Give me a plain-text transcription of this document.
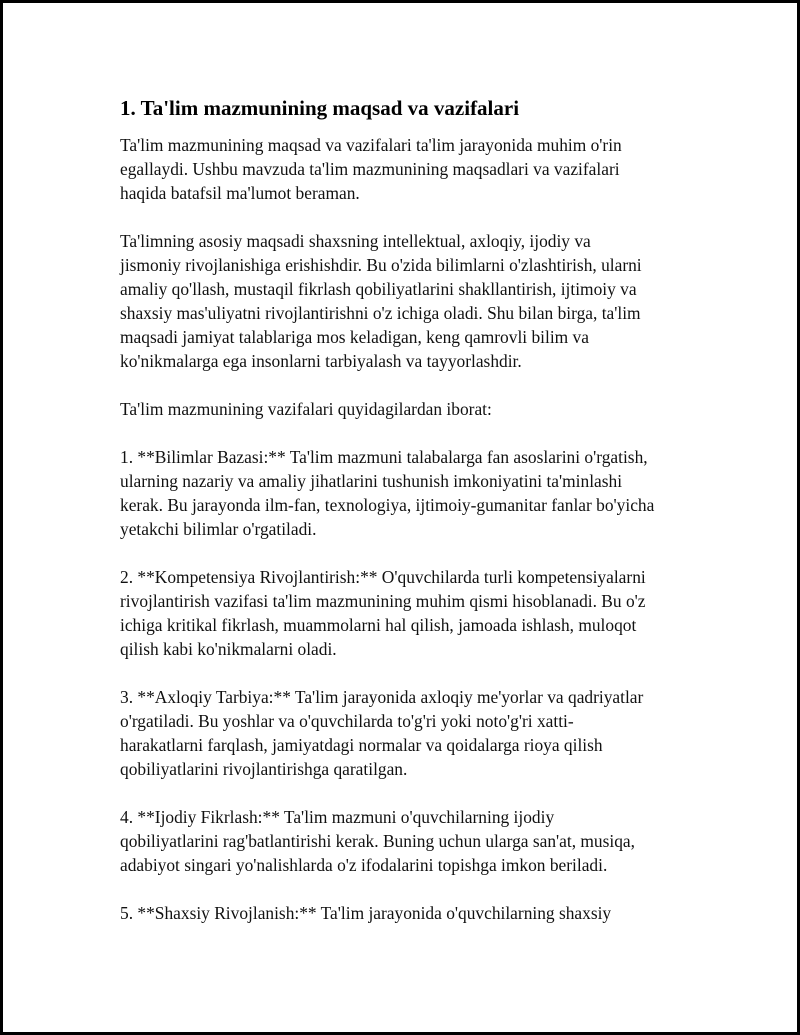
1. Ta'lim mazmunining maqsad va vazifalari

Ta'lim mazmunining maqsad va vazifalari ta'lim jarayonida muhim o'rin
egallaydi. Ushbu mavzuda ta'lim mazmunining maqsadlari va vazifalari
haqida batafsil ma'lumot beraman.

Ta'limning asosiy maqsadi shaxsning intellektual, axloqiy, ijodiy va
jismoniy rivojlanishiga erishishdir. Bu o'zida bilimlarni o'zlashtirish, ularni
amaliy qo'llash, mustaqil fikrlash qobiliyatlarini shakllantirish, ijtimoiy va
shaxsiy mas'uliyatni rivojlantirishni o'z ichiga oladi. Shu bilan birga, ta'lim
maqsadi jamiyat talablariga mos keladigan, keng qamrovli bilim va
ko'nikmalarga ega insonlarni tarbiyalash va tayyorlashdir.

Ta'lim mazmunining vazifalari quyidagilardan iborat:

1. **Bilimlar Bazasi:** Ta'lim mazmuni talabalarga fan asoslarini o'rgatish,
ularning nazariy va amaliy jihatlarini tushunish imkoniyatini ta'minlashi
kerak. Bu jarayonda ilm-fan, texnologiya, ijtimoiy-gumanitar fanlar bo'yicha
yetakchi bilimlar o'rgatiladi.

2. **Kompetensiya Rivojlantirish:** O'quvchilarda turli kompetensiyalarni
rivojlantirish vazifasi ta'lim mazmunining muhim qismi hisoblanadi. Bu o'z
ichiga kritikal fikrlash, muammolarni hal qilish, jamoada ishlash, muloqot
qilish kabi ko'nikmalarni oladi.

3. **Axloqiy Tarbiya:** Ta'lim jarayonida axloqiy me'yorlar va qadriyatlar
o'rgatiladi. Bu yoshlar va o'quvchilarda to'g'ri yoki noto'g'ri xatti-
harakatlarni farqlash, jamiyatdagi normalar va qoidalarga rioya qilish
qobiliyatlarini rivojlantirishga qaratilgan.

4. **Ijodiy Fikrlash:** Ta'lim mazmuni o'quvchilarning ijodiy
qobiliyatlarini rag'batlantirishi kerak. Buning uchun ularga san'at, musiqa,
adabiyot singari yo'nalishlarda o'z ifodalarini topishga imkon beriladi.

5. **Shaxsiy Rivojlanish:** Ta'lim jarayonida o'quvchilarning shaxsiy
